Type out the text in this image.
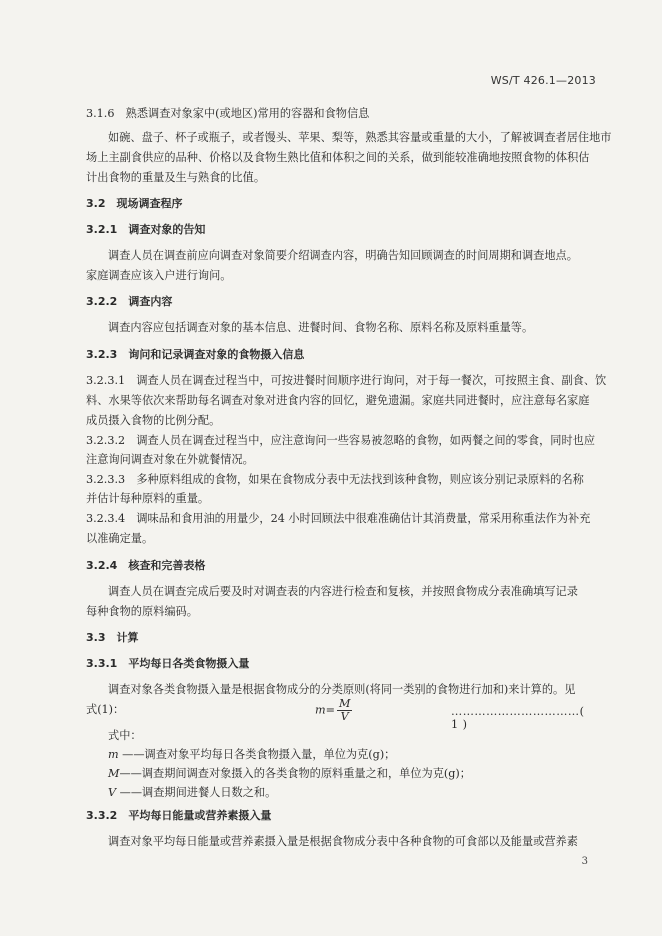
WS/T 426.1—2013
3.1.6　熟悉调查对象家中(或地区)常用的容器和食物信息
如碗、盘子、杯子或瓶子，或者馒头、苹果、梨等，熟悉其容量或重量的大小，了解被调查者居住地市
场上主副食供应的品种、价格以及食物生熟比值和体积之间的关系，做到能较准确地按照食物的体积估
计出食物的重量及生与熟食的比值。
3.2　现场调查程序
3.2.1　调查对象的告知
调查人员在调查前应向调查对象简要介绍调查内容，明确告知回顾调查的时间周期和调查地点。
家庭调查应该入户进行询问。
3.2.2　调查内容
调查内容应包括调查对象的基本信息、进餐时间、食物名称、原料名称及原料重量等。
3.2.3　询问和记录调查对象的食物摄入信息
3.2.3.1　调查人员在调查过程当中，可按进餐时间顺序进行询问，对于每一餐次，可按照主食、副食、饮
料、水果等依次来帮助每名调查对象对进食内容的回忆，避免遗漏。家庭共同进餐时，应注意每名家庭
成员摄入食物的比例分配。
3.2.3.2　调查人员在调查过程当中，应注意询问一些容易被忽略的食物，如两餐之间的零食，同时也应
注意询问调查对象在外就餐情况。
3.2.3.3　多种原料组成的食物，如果在食物成分表中无法找到该种食物，则应该分别记录原料的名称
并估计每种原料的重量。
3.2.3.4　调味品和食用油的用量少，24 小时回顾法中很难准确估计其消费量，常采用称重法作为补充
以准确定量。
3.2.4　核查和完善表格
调查人员在调查完成后要及时对调查表的内容进行检查和复核，并按照食物成分表准确填写记录
每种食物的原料编码。
3.3　计算
3.3.1　平均每日各类食物摄入量
调查对象各类食物摄入量是根据食物成分的分类原则(将同一类别的食物进行加和)来计算的。见
式(1)：	$m= \frac{M}{V}$	……………………………( 1 )
式中：
m ——调查对象平均每日各类食物摄入量，单位为克(g)；
M——调查期间调查对象摄入的各类食物的原料重量之和，单位为克(g)；
V ——调查期间进餐人日数之和。
3.3.2　平均每日能量或营养素摄入量
调查对象平均每日能量或营养素摄入量是根据食物成分表中各种食物的可食部以及能量或营养素
3
